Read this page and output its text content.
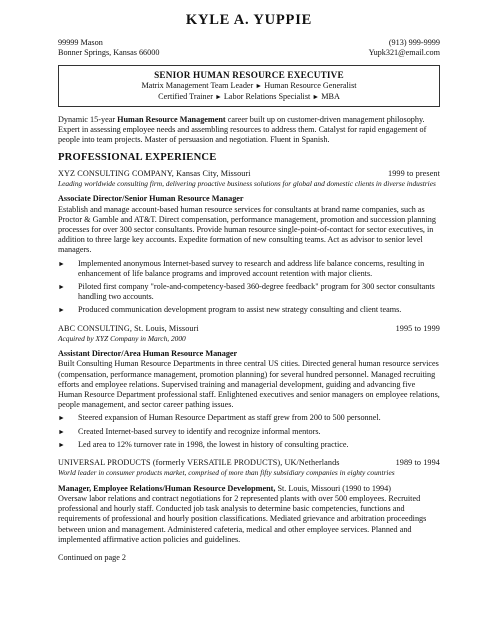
KYLE A. YUPPIE
99999 Mason
Bonner Springs, Kansas 66000
(913) 999-9999
Yupk321@email.com
SENIOR HUMAN RESOURCE EXECUTIVE
Matrix Management Team Leader ► Human Resource Generalist
Certified Trainer ► Labor Relations Specialist ► MBA
Dynamic 15-year Human Resource Management career built up on customer-driven management philosophy. Expert in assessing employee needs and assembling resources to address them. Catalyst for rapid engagement of people into team projects. Master of persuasion and negotiation. Fluent in Spanish.
PROFESSIONAL EXPERIENCE
XYZ CONSULTING COMPANY, Kansas City, Missouri	1999 to present
Leading worldwide consulting firm, delivering proactive business solutions for global and domestic clients in diverse industries
Associate Director/Senior Human Resource Manager
Establish and manage account-based human resource services for consultants at brand name companies, such as Proctor & Gamble and AT&T. Direct compensation, performance management, promotion and succession planning processes for over 300 sector consultants. Provide human resource single-point-of-contact for sector executives, in addition to three large key accounts. Expedite formation of new consulting teams. Act as advisor to senior level managers.
► Implemented anonymous Internet-based survey to research and address life balance concerns, resulting in enhancement of life balance programs and improved account retention with major clients.
► Piloted first company "role-and-competency-based 360-degree feedback" program for 300 sector consultants handling two accounts.
► Produced communication development program to assist new strategy consulting and client teams.
ABC CONSULTING, St. Louis, Missouri	1995 to 1999
Acquired by XYZ Company in March, 2000
Assistant Director/Area Human Resource Manager
Built Consulting Human Resource Departments in three central US cities. Directed general human resource services (compensation, performance management, promotion planning) for several hundred personnel. Managed recruiting efforts and employee relations. Supervised training and managerial development, guiding and advancing five Human Resource Department professional staff. Enlightened executives and senior managers on employee relations, people management, and sector career pathing issues.
► Steered expansion of Human Resource Department as staff grew from 200 to 500 personnel.
► Created Internet-based survey to identify and recognize informal mentors.
► Led area to 12% turnover rate in 1998, the lowest in history of consulting practice.
UNIVERSAL PRODUCTS (formerly VERSATILE PRODUCTS), UK/Netherlands	1989 to 1994
World leader in consumer products market, comprised of more than fifty subsidiary companies in eighty countries
Manager, Employee Relations/Human Resource Development, St. Louis, Missouri (1990 to 1994)
Oversaw labor relations and contract negotiations for 2 represented plants with over 500 employees. Recruited professional and hourly staff. Conducted job task analysis to determine basic competencies, functions and requirements of professional and hourly position classifications. Mediated grievance and arbitration proceedings between union and management. Administered cafeteria, medical and other employee services. Planned and implemented affirmative action policies and guidelines.
Continued on page 2
